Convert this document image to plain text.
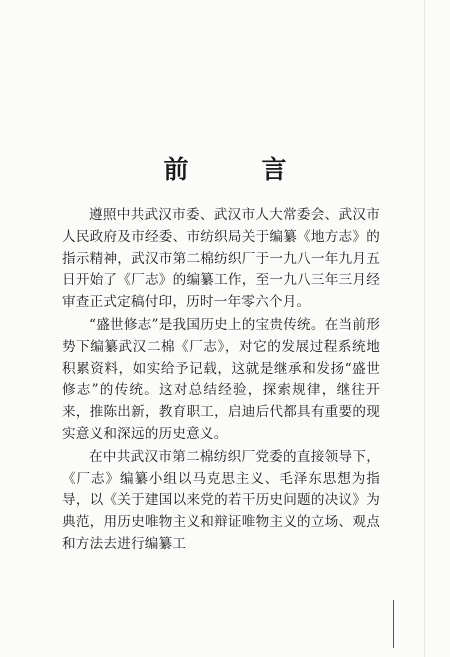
前　言

遵照中共武汉市委、武汉市人大常委会、武汉市人民政府及市经委、市纺织局关于编纂《地方志》的指示精神，武汉市第二棉纺织厂于一九八一年九月五日开始了《厂志》的编纂工作，至一九八三年三月经审查正式定稿付印，历时一年零六个月。

“盛世修志”是我国历史上的宝贵传统。在当前形势下编纂武汉二棉《厂志》，对它的发展过程系统地积累资料，如实给予记载，这就是继承和发扬“盛世修志”的传统。这对总结经验，探索规律，继往开来，推陈出新，教育职工，启迪后代都具有重要的现实意义和深远的历史意义。

在中共武汉市第二棉纺织厂党委的直接领导下，《厂志》编纂小组以马克思主义、毛泽东思想为指导，以《关于建国以来党的若干历史问题的决议》为典范，用历史唯物主义和辩证唯物主义的立场、观点和方法去进行编纂工
